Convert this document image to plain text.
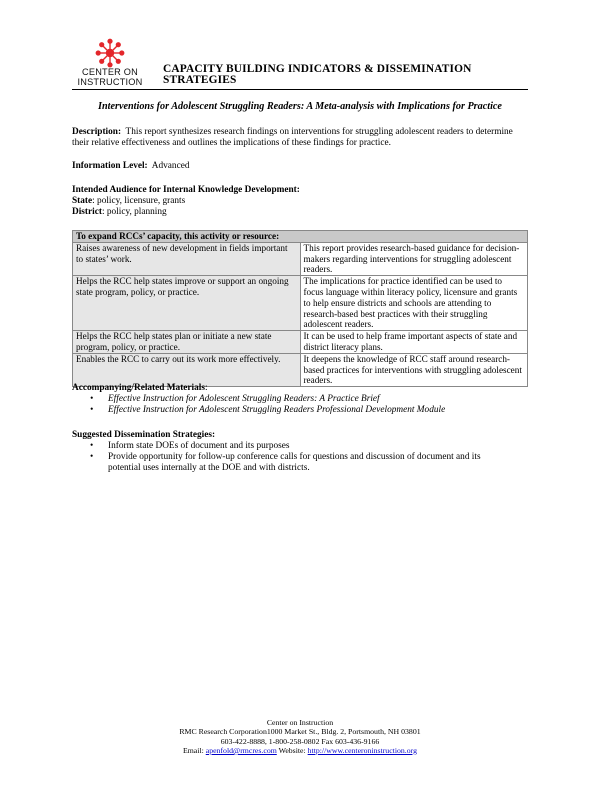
CENTER ON
INSTRUCTION
CAPACITY BUILDING INDICATORS & DISSEMINATION STRATEGIES
Interventions for Adolescent Struggling Readers: A Meta-analysis with Implications for Practice
Description: This report synthesizes research findings on interventions for struggling adolescent readers to determine their relative effectiveness and outlines the implications of these findings for practice.
Information Level: Advanced
Intended Audience for Internal Knowledge Development:
State: policy, licensure, grants
District: policy, planning
To expand RCCs’ capacity, this activity or resource:	
Raises awareness of new development in fields important to states’ work.	This report provides research-based guidance for decision-makers regarding interventions for struggling adolescent readers.
Helps the RCC help states improve or support an ongoing state program, policy, or practice.	The implications for practice identified can be used to focus language within literacy policy, licensure and grants to help ensure districts and schools are attending to research-based best practices with their struggling adolescent readers.
Helps the RCC help states plan or initiate a new state program, policy, or practice.	It can be used to help frame important aspects of state and district literacy plans.
Enables the RCC to carry out its work more effectively.	It deepens the knowledge of RCC staff around research-based practices for interventions with struggling adolescent readers.
Accompanying/Related Materials:
• Effective Instruction for Adolescent Struggling Readers: A Practice Brief
• Effective Instruction for Adolescent Struggling Readers Professional Development Module
Suggested Dissemination Strategies:
• Inform state DOEs of document and its purposes
• Provide opportunity for follow-up conference calls for questions and discussion of document and its potential uses internally at the DOE and with districts.
Center on Instruction
RMC Research Corporation1000 Market St., Bldg. 2, Portsmouth, NH 03801
603-422-8888, 1-800-258-0802 Fax 603-436-9166
Email: apenfold@rmcres.com Website: http://www.centeroninstruction.org
